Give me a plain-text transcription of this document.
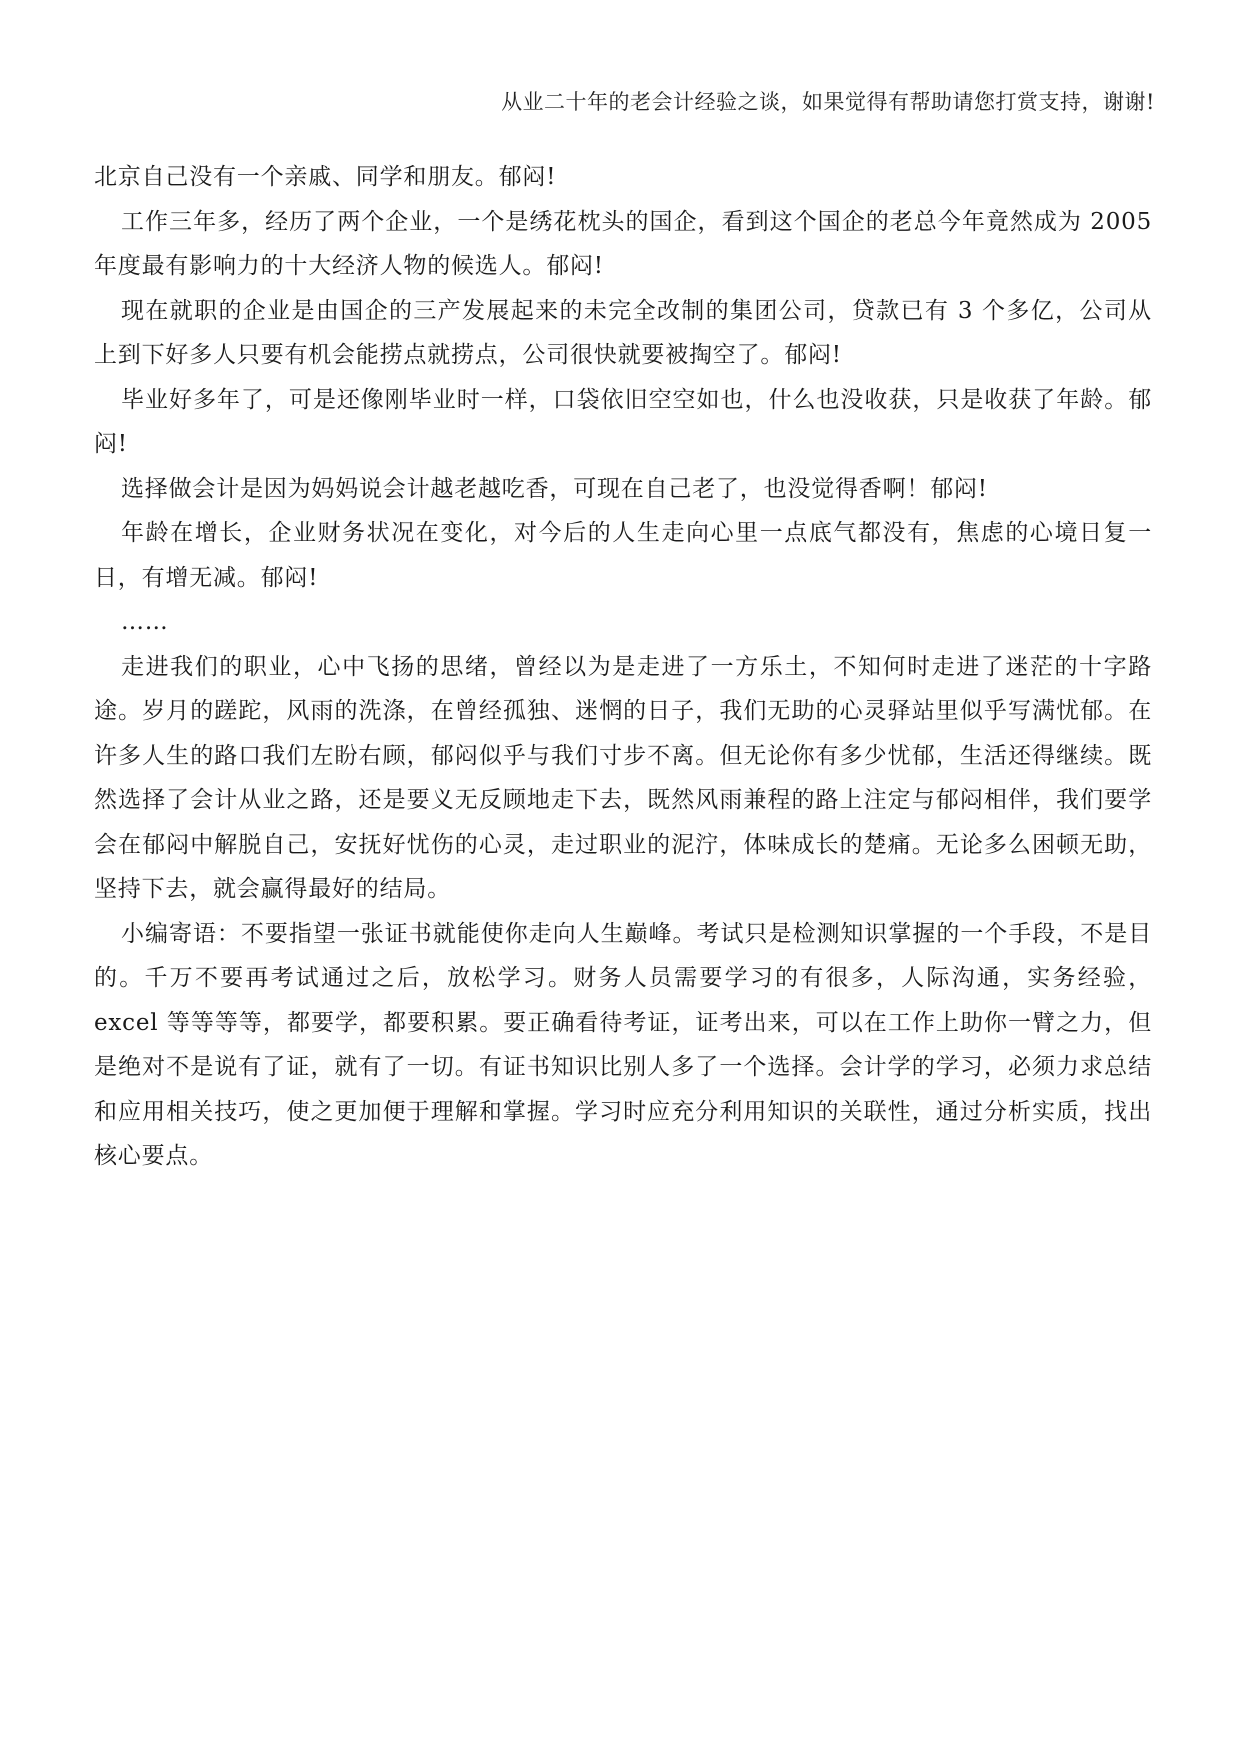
从业二十年的老会计经验之谈，如果觉得有帮助请您打赏支持，谢谢!

北京自己没有一个亲戚、同学和朋友。郁闷!

工作三年多，经历了两个企业，一个是绣花枕头的国企，看到这个国企的老总今年竟然成为 2005 年度最有影响力的十大经济人物的候选人。郁闷!

现在就职的企业是由国企的三产发展起来的未完全改制的集团公司，贷款已有 3 个多亿，公司从上到下好多人只要有机会能捞点就捞点，公司很快就要被掏空了。郁闷!

毕业好多年了，可是还像刚毕业时一样，口袋依旧空空如也，什么也没收获，只是收获了年龄。郁闷!

选择做会计是因为妈妈说会计越老越吃香，可现在自己老了，也没觉得香啊！郁闷!

年龄在增长，企业财务状况在变化，对今后的人生走向心里一点底气都没有，焦虑的心境日复一日，有增无减。郁闷!

……

走进我们的职业，心中飞扬的思绪，曾经以为是走进了一方乐土，不知何时走进了迷茫的十字路途。岁月的蹉跎，风雨的洗涤，在曾经孤独、迷惘的日子，我们无助的心灵驿站里似乎写满忧郁。在许多人生的路口我们左盼右顾，郁闷似乎与我们寸步不离。但无论你有多少忧郁，生活还得继续。既然选择了会计从业之路，还是要义无反顾地走下去，既然风雨兼程的路上注定与郁闷相伴，我们要学会在郁闷中解脱自己，安抚好忧伤的心灵，走过职业的泥泞，体味成长的楚痛。无论多么困顿无助，坚持下去，就会赢得最好的结局。

小编寄语：不要指望一张证书就能使你走向人生巅峰。考试只是检测知识掌握的一个手段，不是目的。千万不要再考试通过之后，放松学习。财务人员需要学习的有很多，人际沟通，实务经验，excel 等等等等，都要学，都要积累。要正确看待考证，证考出来，可以在工作上助你一臂之力，但是绝对不是说有了证，就有了一切。有证书知识比别人多了一个选择。会计学的学习，必须力求总结和应用相关技巧，使之更加便于理解和掌握。学习时应充分利用知识的关联性，通过分析实质，找出核心要点。
